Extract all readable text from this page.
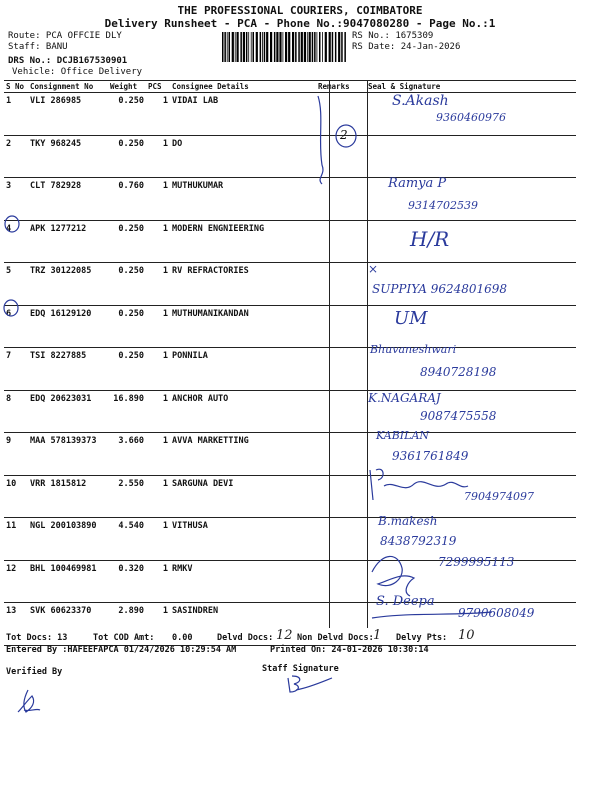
THE PROFESSIONAL COURIERS, COIMBATORE
Delivery Runsheet - PCA - Phone No.:9047080280 - Page No.:1
Route: PCA OFFCIE DLY
Staff: BANU
DRS No.: DCJB167530901
Vehicle: Office Delivery
RS No.: 1675309
RS Date: 24-Jan-2026
S No	Consignment No	Weight	PCS	Consignee Details	Remarks	Seal & Signature
1	VLI 286985	0.250	1	VIDAI LAB		
2	TKY 968245	0.250	1	DO		
3	CLT 782928	0.760	1	MUTHUKUMAR		
4	APK 1277212	0.250	1	MODERN ENGNIEERING		
5	TRZ 30122085	0.250	1	RV REFRACTORIES		
6	EDQ 16129120	0.250	1	MUTHUMANIKANDAN		
7	TSI 8227885	0.250	1	PONNILA		
8	EDQ 20623031	16.890	1	ANCHOR AUTO		
9	MAA 578139373	3.660	1	AVVA MARKETTING		
10	VRR 1815812	2.550	1	SARGUNA DEVI		
11	NGL 200103890	4.540	1	VITHUSA		
12	BHL 100469981	0.320	1	RMKV		
13	SVK 60623370	2.890	1	SASINDREN		
S.Akash
9360460976
2
Ramya P
9314702539
H/R
×
SUPPIYA 9624801698
UM
Bhuvaneshwari
8940728198
K.NAGARAJ
9087475558
KABILAN
9361761849
7904974097
B.makesh
8438792319
7299995113
S. Deepa
9790608049
Tot Docs: 13	Tot COD Amt: 0.00	Delvd Docs: 12 Non Delvd Docs: 1 Delvy Pts: 10
Entered By :HAFEEFAPCA 01/24/2026 10:29:54 AM	Printed On: 24-01-2026 10:30:14
Verified By	Staff Signature
